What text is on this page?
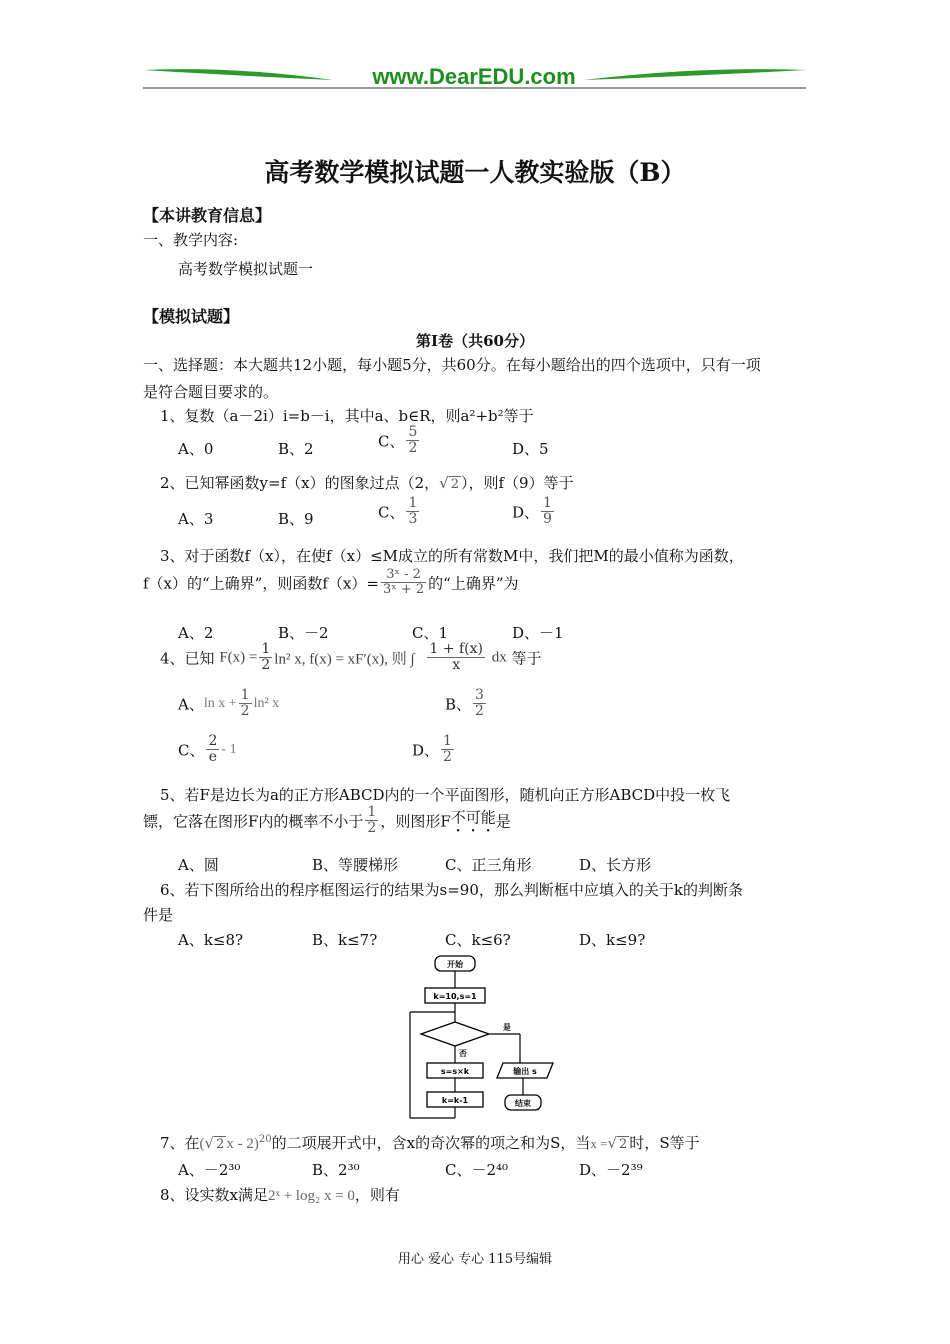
www.DearEDU.com
高考数学模拟试题一人教实验版（B）
【本讲教育信息】
一、教学内容:
高考数学模拟试题一
【模拟试题】
第Ⅰ卷（共60分）
一、选择题：本大题共12小题，每小题5分，共60分。在每小题给出的四个选项中，只有一项
是符合题目要求的。
1、复数（a－2i）i=b－i，其中a、b∈R，则a²+b²等于
A、0	B、2	C、 $\frac{5}{2}$	D、5
2、已知幂函数y=f（x）的图象过点（2，√ 2 ），则f（9）等于
A、3	B、9	C、 $\frac{1}{3}$	D、 $\frac{1}{9}$
3、对于函数f（x），在使f（x）≤M成立的所有常数M中，我们把M的最小值称为函数，
f（x）的“上确界”，则函数$f(x)= \frac{\text{3ˣ - 2}}{\text{3ˣ + 2}}$ 的“上确界”为
A、2	B、－2	C、1	D、－1
4、已知 $F(x) = \frac{1}{2} \ln^2$ x, f(x) = xF′(x), 则 ∫ $\frac{1 + f(x)}{x}$ dx 等于
A、$\ln x + \frac{1}{2} \ln^2$ x	B、 $\frac{3}{2}$
C、 $\frac{2}{e} - 1$	D、 $\frac{1}{2}$
5、若F是边长为a的正方形ABCD内的一个平面图形，随机向正方形ABCD中投一枚飞
镖，它落在图形F内的概率不小于 $\frac{1}{2}$ ，则图形F不可能是
A、圆	B、等腰梯形	C、正三角形	D、长方形
6、若下图所给出的程序框图运行的结果为s=90，那么判断框中应填入的关于k的判断条
件是
A、k≤8?	B、k≤7?	C、k≤6?	D、k≤9?
开始
k=10,s=1
是
否
s=s×k	输出 s
k=k-1	结束
7、在(√ 2 x - 2)$^{20}$的二项展开式中，含x的奇次幂的项之和为S，当x =√ 2 时，S等于
A、－2³⁰	B、2³⁰	C、－2⁴⁰	D、－2³⁹
8、设实数x满足2ˣ + log₂ x = 0，则有
用心 爱心 专心 115号编辑
